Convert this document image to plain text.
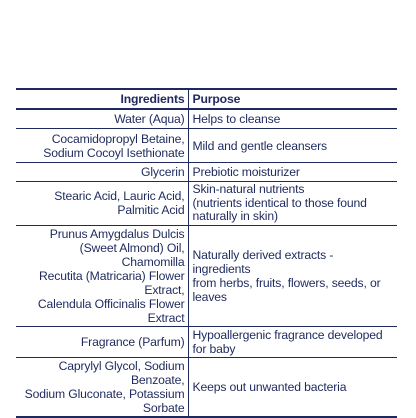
Ingredients	Purpose
Water (Aqua)	Helps to cleanse
Cocamidopropyl Betaine,
Sodium Cocoyl Isethionate	Mild and gentle cleansers
Glycerin	Prebiotic moisturizer
Stearic Acid, Lauric Acid, Palmitic Acid	Skin-natural nutrients
(nutrients identical to those found naturally in skin)
Prunus Amygdalus Dulcis
(Sweet Almond) Oil, Chamomilla
Recutita (Matricaria) Flower Extract,
Calendula Officinalis Flower Extract	Naturally derived extracts - ingredients
from herbs, fruits, flowers, seeds, or leaves
Fragrance (Parfum)	Hypoallergenic fragrance developed for baby
Caprylyl Glycol, Sodium Benzoate,
Sodium Gluconate, Potassium Sorbate	Keeps out unwanted bacteria
